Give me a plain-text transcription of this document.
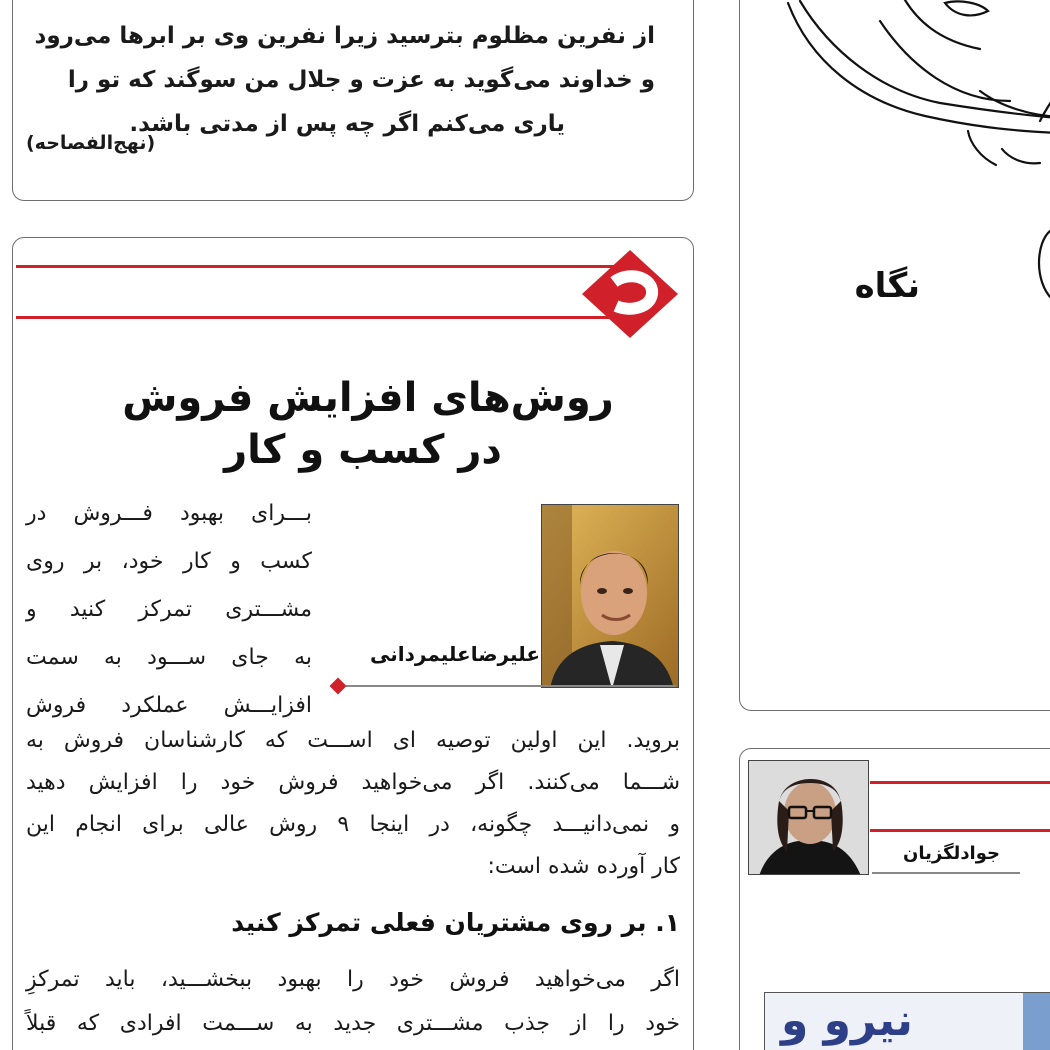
جوادلگزیان
نیرو و
از نفرین مظلوم بترسید زیرا نفرین وی بر ابرها می‌رود
و خداوند می‌گوید به عزت و جلال من سوگند که تو را
یاری می‌کنم اگر چه پس از مدتی باشد.
(نهج‌الفصاحه)
نگاه
روش‌های افزایش فروش
در کسب و کار
علیرضاعلیمردانی
بـــرای بهبود فـــروش در
کسب و کار خود، بر روی
مشـــتری تمرکز کنید و
به جای ســـود به سمت
افزایـــش عملکرد فروش
بروید. این اولین توصیه ای اســـت که کارشناسان فروش به
شـــما می‌کنند. اگر می‌خواهید فروش خود را افزایش دهید
و نمی‌دانیـــد چگونه، در اینجا ۹ روش عالی برای انجام این
کار آورده شده است:
۱. بر روی مشتریان فعلی تمرکز کنید
اگر می‌خواهید فروش خود را بهبود ببخشـــید، باید تمرکزِ
خود را از جذب مشـــتری جدید به ســـمت افرادی که قبلاً
